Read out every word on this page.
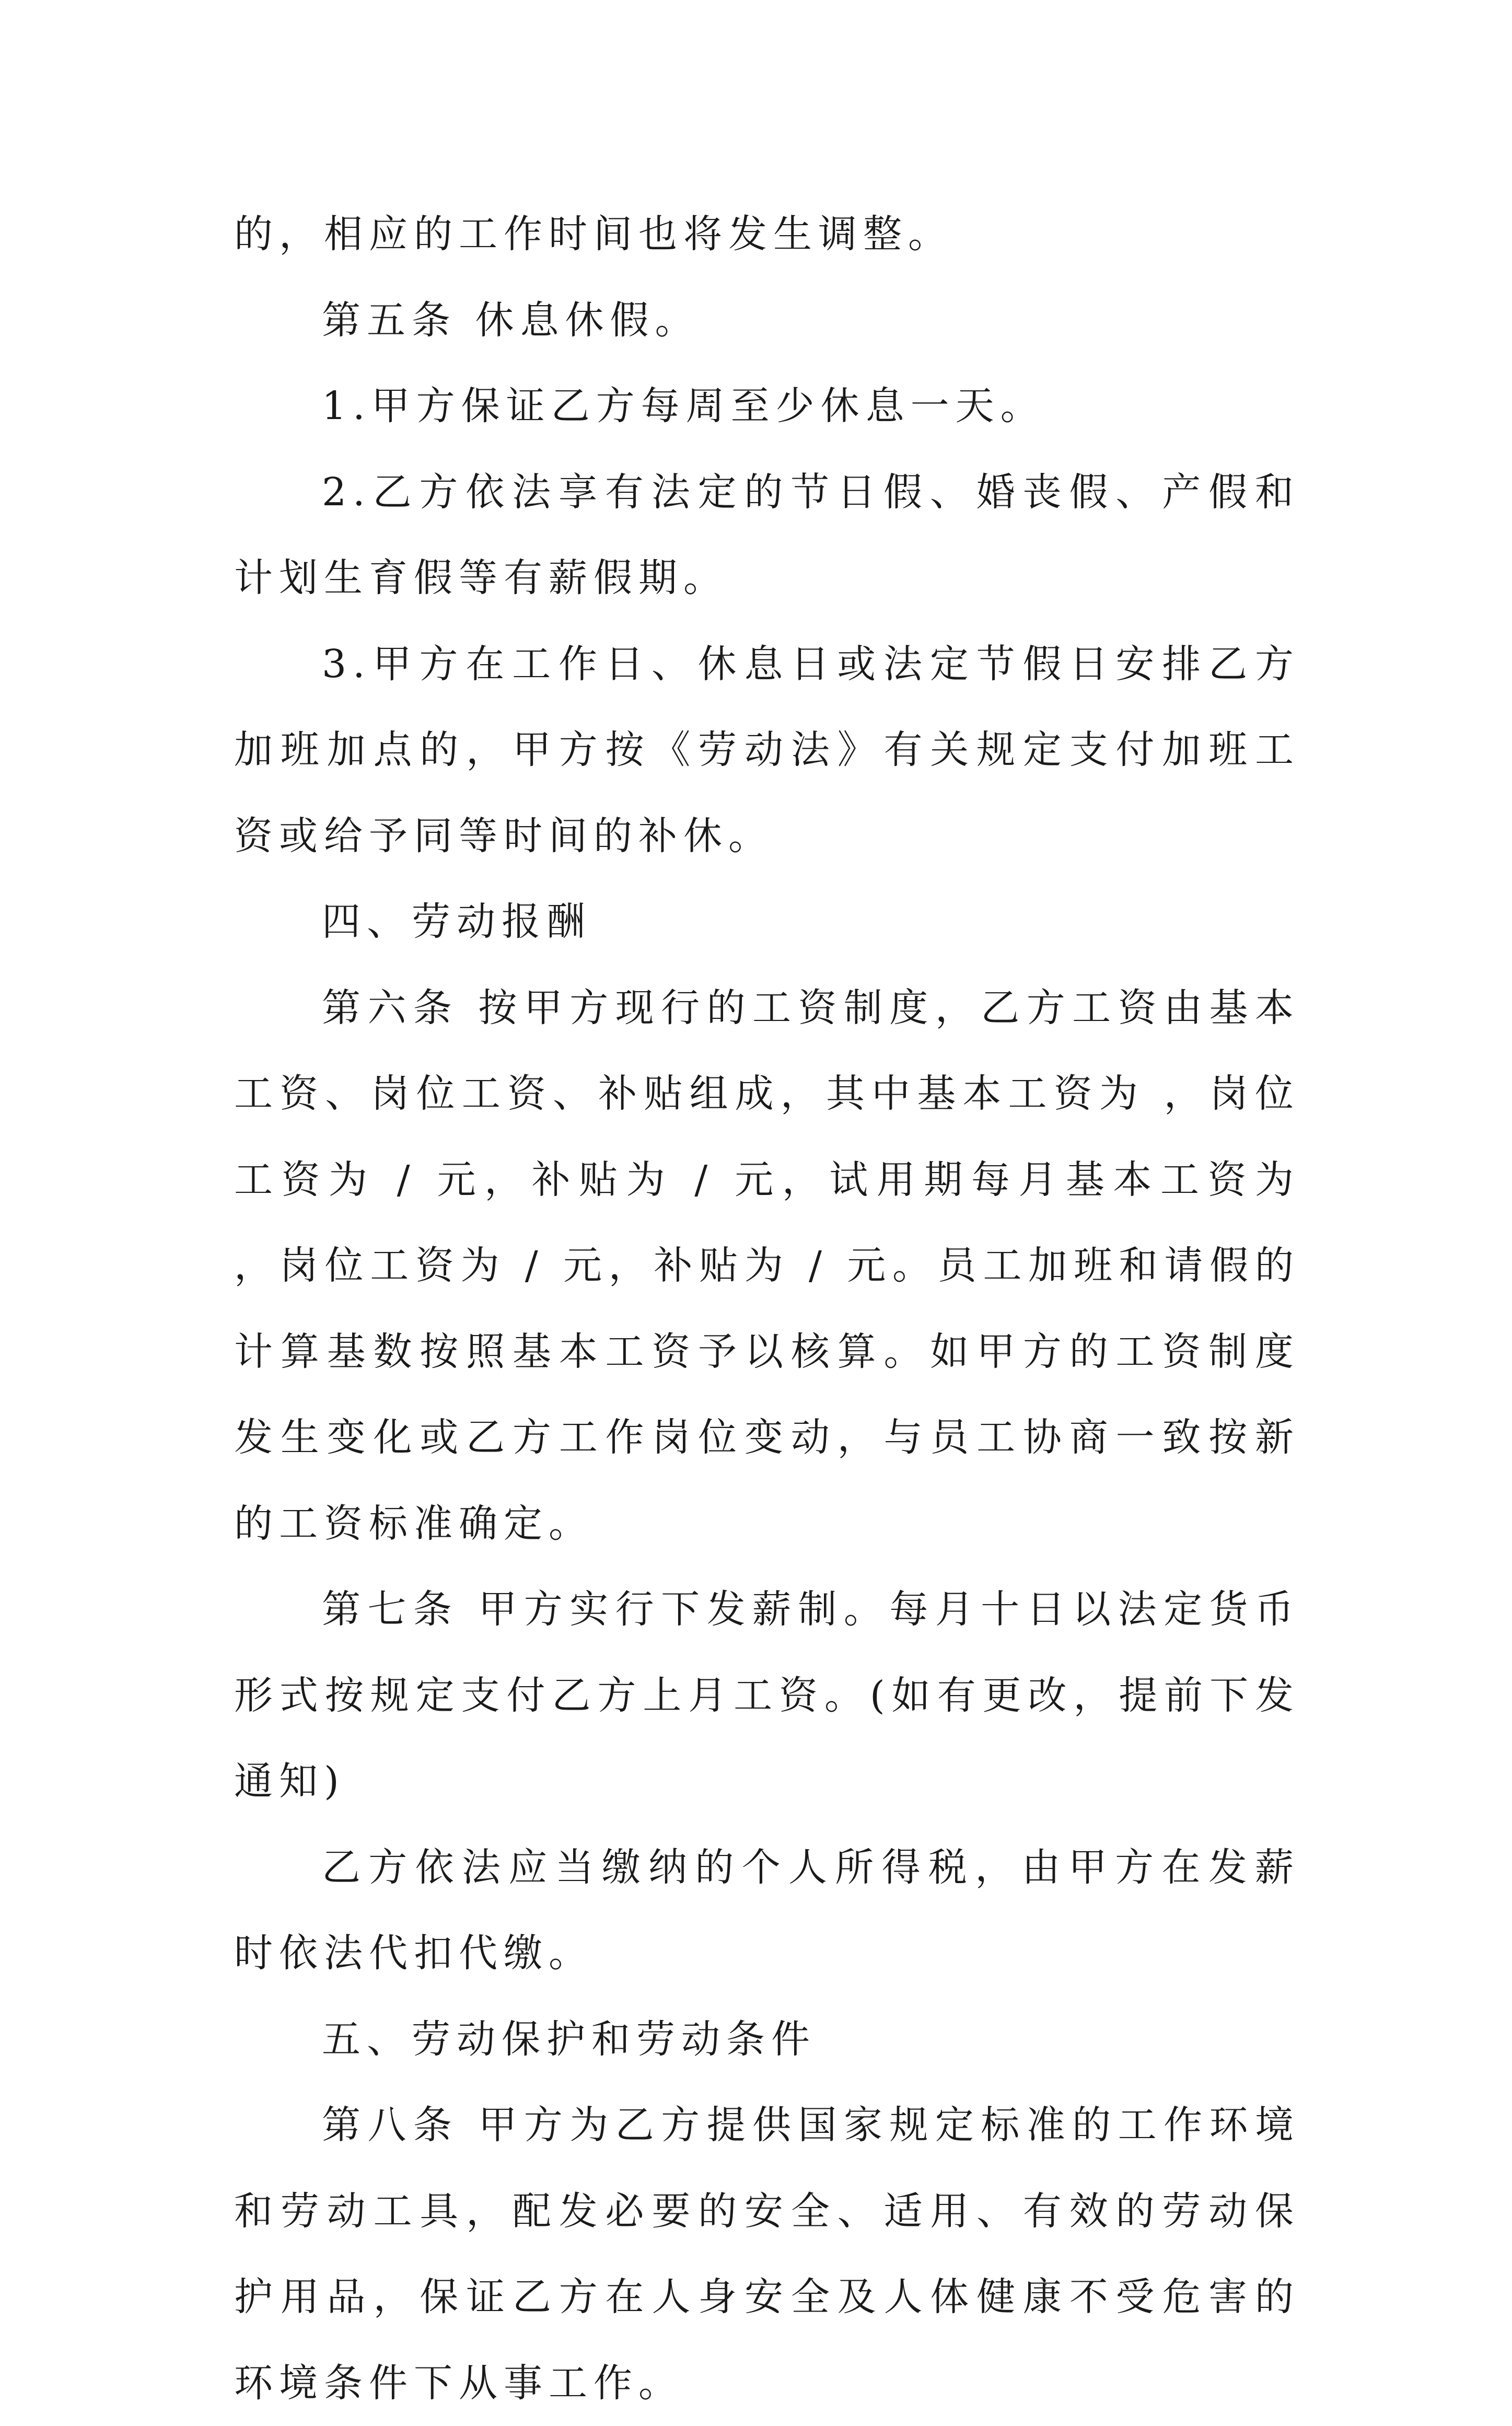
的，相应的工作时间也将发生调整。

第五条 休息休假。

1.甲方保证乙方每周至少休息一天。

2.乙方依法享有法定的节日假、婚丧假、产假和计划生育假等有薪假期。

3.甲方在工作日、休息日或法定节假日安排乙方加班加点的，甲方按《劳动法》有关规定支付加班工资或给予同等时间的补休。

四、劳动报酬

第六条 按甲方现行的工资制度，乙方工资由基本工资、岗位工资、补贴组成，其中基本工资为 ，岗位工资为 / 元，补贴为 / 元，试用期每月基本工资为 ，岗位工资为 / 元，补贴为 / 元。员工加班和请假的计算基数按照基本工资予以核算。如甲方的工资制度发生变化或乙方工作岗位变动，与员工协商一致按新的工资标准确定。

第七条 甲方实行下发薪制。每月十日以法定货币形式按规定支付乙方上月工资。(如有更改，提前下发通知)

乙方依法应当缴纳的个人所得税，由甲方在发薪时依法代扣代缴。

五、劳动保护和劳动条件

第八条 甲方为乙方提供国家规定标准的工作环境和劳动工具，配发必要的安全、适用、有效的劳动保护用品，保证乙方在人身安全及人体健康不受危害的环境条件下从事工作。
